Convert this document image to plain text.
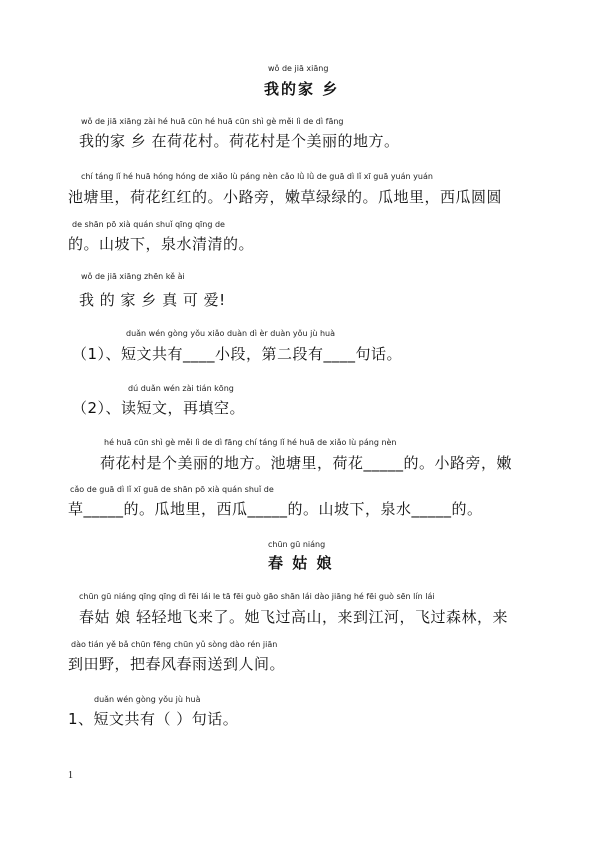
wǒ de jiā xiāng
我的家 乡
wǒ de jiā xiāng zài hé huā cūn hé huā cūn shì gè měi lì de dì fāng
我的家 乡 在荷花村。荷花村是个美丽的地方。
chí táng lǐ hé huā hóng hóng de xiǎo lù páng nèn cǎo lǜ lǜ de guā dì lǐ xī guā yuán yuán
池塘里，荷花红红的。小路旁，嫩草绿绿的。瓜地里，西瓜圆圆
de shān pō xià quán shuǐ qīng qīng de
的。山坡下，泉水清清的。
wǒ de jiā xiāng zhēn kě ài
我 的 家 乡 真 可 爱!
duǎn wén gòng yǒu xiǎo duàn dì èr duàn yǒu jù huà
（1）、短文共有____小段，第二段有____句话。
dú duǎn wén zài tián kōng
（2）、读短文，再填空。
hé huā cūn shì gè měi lì de dì fāng chí táng lǐ hé huā de xiǎo lù páng nèn
荷花村是个美丽的地方。池塘里，荷花_____的。小路旁，嫩
cǎo de guā dì lǐ xī guā de shān pō xià quán shuǐ de
草_____的。瓜地里，西瓜_____的。山坡下，泉水_____的。
chūn gū niáng
春 姑 娘
chūn gū niáng qīng qīng dì fēi lái le tā fēi guò gāo shān lái dào jiāng hé fēi guò sēn lín lái
春姑 娘 轻轻地飞来了。她飞过高山，来到江河，飞过森林，来
dào tián yě bǎ chūn fēng chūn yǔ sòng dào rén jiān
到田野，把春风春雨送到人间。
duǎn wén gòng yǒu jù huà
1、短文共有（ ）句话。
1
